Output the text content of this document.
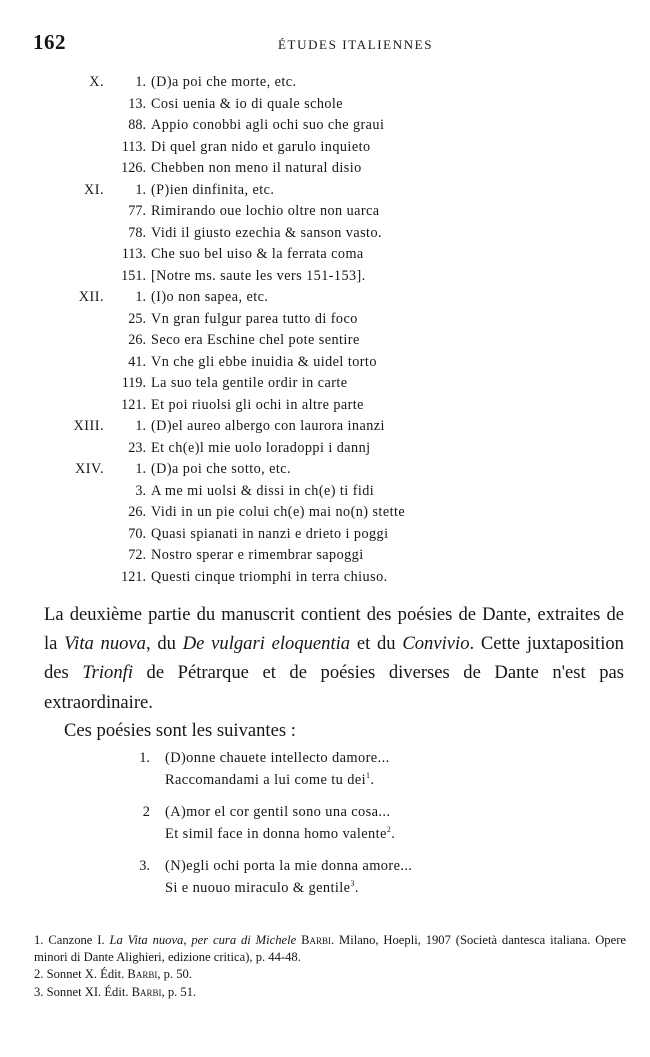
162	ÉTUDES ITALIENNES
X.	1. (D)a poi che morte, etc.
13. Cosi uenia & io di quale schole
88. Appio conobbi agli ochi suo che graui
113. Di quel gran nido et garulo inquieto
126. Chebben non meno il natural disio
XI.	1. (P)ien dinfinita, etc.
77. Rimirando oue lochio oltre non uarca
78. Vidi il giusto ezechia & sanson vasto.
113. Che suo bel uiso & la ferrata coma
151. [Notre ms. saute les vers 151-153].
XII.	1. (I)o non sapea, etc.
25. Vn gran fulgur parea tutto di foco
26. Seco era Eschine chel pote sentire
41. Vn che gli ebbe inuidia & uidel torto
119. La suo tela gentile ordir in carte
121. Et poi riuolsi gli ochi in altre parte
XIII.	1. (D)el aureo albergo con laurora inanzi
23. Et ch(e)l mie uolo loradoppi i dannj
XIV.	1. (D)a poi che sotto, etc.
3. A me mi uolsi & dissi in ch(e) ti fidi
26. Vidi in un pie colui ch(e) mai no(n) stette
70. Quasi spianati in nanzi e drieto i poggi
72. Nostro sperar e rimembrar sapoggi
121. Questi cinque triomphi in terra chiuso.

La deuxième partie du manuscrit contient des poésies de Dante, extraites de la Vita nuova, du De vulgari eloquentia et du Convivio. Cette juxtaposition des Trionfi de Pétrarque et de poésies diverses de Dante n'est pas extraordinaire.

Ces poésies sont les suivantes :

1. (D)onne chauete intellecto damore...
Raccomandami a lui come tu dei$^1$.
2 (A)mor el cor gentil sono una cosa...
Et simil face in donna homo valente$^2$.
3. (N)egli ochi porta la mie donna amore...
Si e nuouo miraculo & gentile$^3$.

1. Canzone I. La Vita nuova, per cura di Michele Barbi. Milano, Hoepli, 1907 (Società dantesca italiana. Opere minori di Dante Alighieri, edizione critica), p. 44-48.

2. Sonnet X. Édit. Barbi, p. 50.

3. Sonnet XI. Édit. Barbi, p. 51.
